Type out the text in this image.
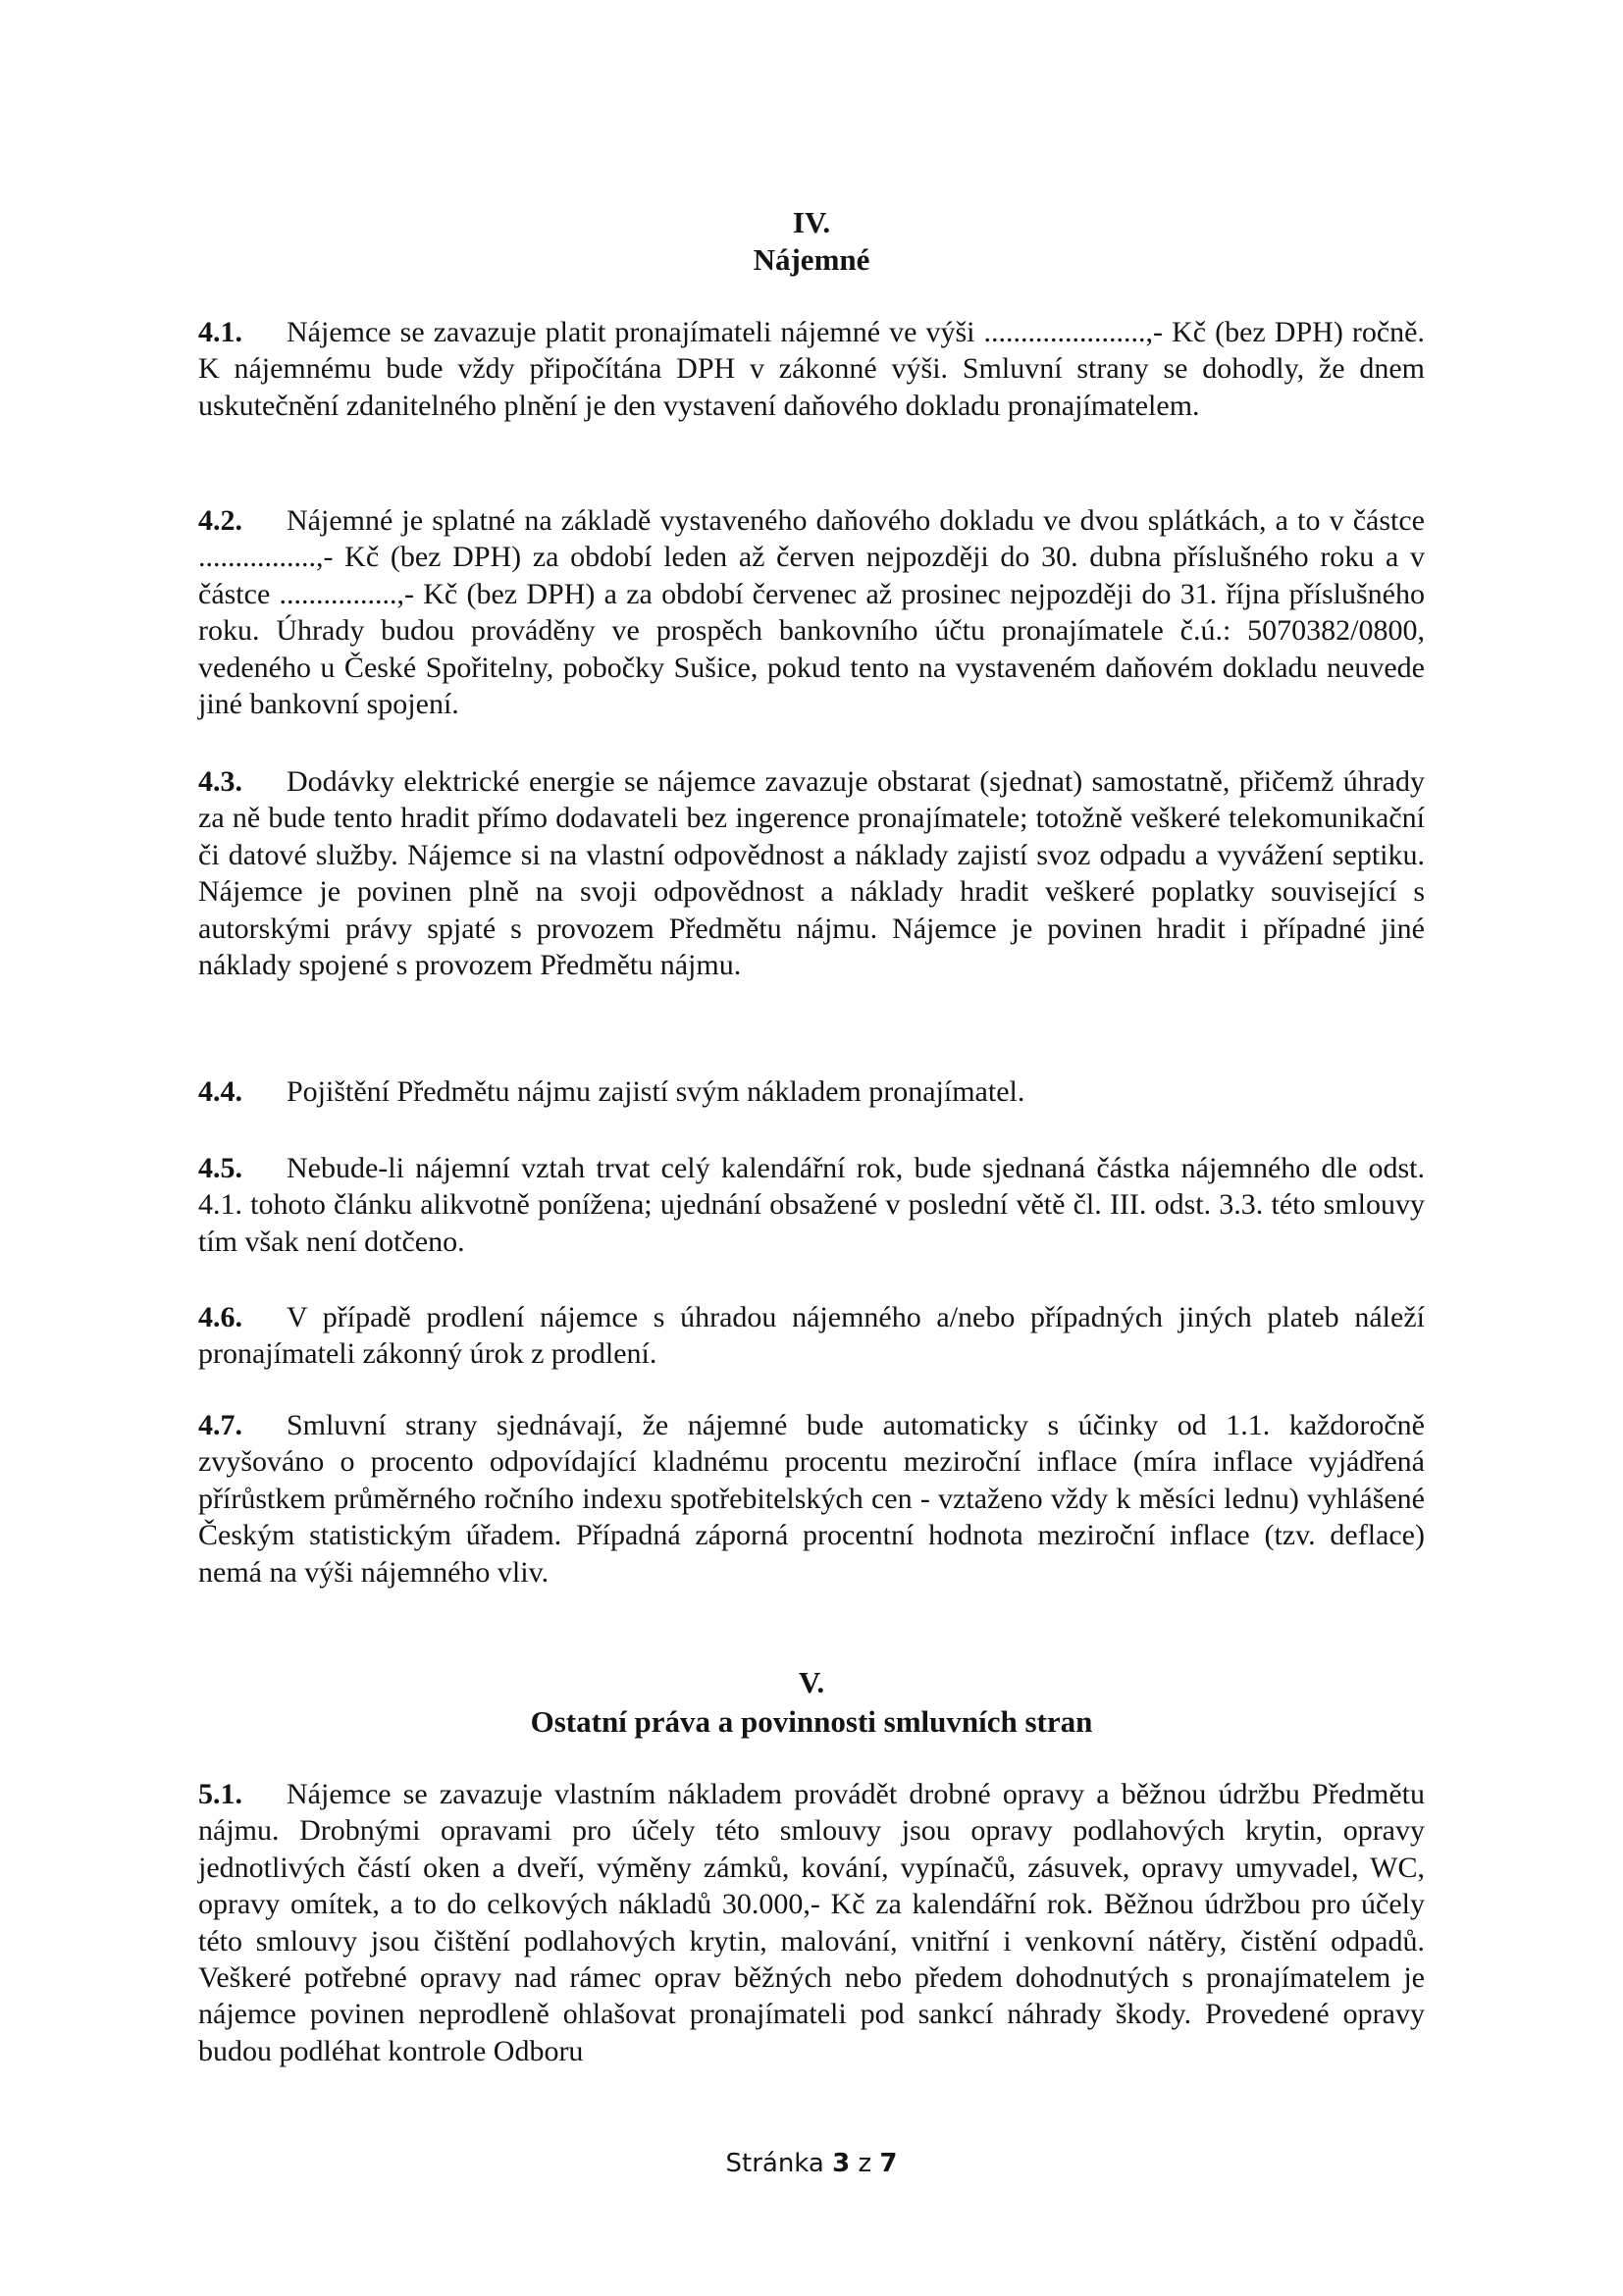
IV.
Nájemné
4.1. Nájemce se zavazuje platit pronajímateli nájemné ve výši ......................,- Kč (bez DPH) ročně. K nájemnému bude vždy připočítána DPH v zákonné výši. Smluvní strany se dohodly, že dnem uskutečnění zdanitelného plnění je den vystavení daňového dokladu pronajímatelem.
4.2. Nájemné je splatné na základě vystaveného daňového dokladu ve dvou splátkách, a to v částce ................,- Kč (bez DPH) za období leden až červen nejpozději do 30. dubna příslušného roku a v částce ................,- Kč (bez DPH) a za období červenec až prosinec nejpozději do 31. října příslušného roku. Úhrady budou prováděny ve prospěch bankovního účtu pronajímatele č.ú.: 5070382/0800, vedeného u České Spořitelny, pobočky Sušice, pokud tento na vystaveném daňovém dokladu neuvede jiné bankovní spojení.
4.3. Dodávky elektrické energie se nájemce zavazuje obstarat (sjednat) samostatně, přičemž úhrady za ně bude tento hradit přímo dodavateli bez ingerence pronajímatele; totožně veškeré telekomunikační či datové služby. Nájemce si na vlastní odpovědnost a náklady zajistí svoz odpadu a vyvážení septiku. Nájemce je povinen plně na svoji odpovědnost a náklady hradit veškeré poplatky související s autorskými právy spjaté s provozem Předmětu nájmu. Nájemce je povinen hradit i případné jiné náklady spojené s provozem Předmětu nájmu.
4.4. Pojištění Předmětu nájmu zajistí svým nákladem pronajímatel.
4.5. Nebude-li nájemní vztah trvat celý kalendářní rok, bude sjednaná částka nájemného dle odst. 4.1. tohoto článku alikvotně ponížena; ujednání obsažené v poslední větě čl. III. odst. 3.3. této smlouvy tím však není dotčeno.
4.6. V případě prodlení nájemce s úhradou nájemného a/nebo případných jiných plateb náleží pronajímateli zákonný úrok z prodlení.
4.7. Smluvní strany sjednávají, že nájemné bude automaticky s účinky od 1.1. každoročně zvyšováno o procento odpovídající kladnému procentu meziroční inflace (míra inflace vyjádřená přírůstkem průměrného ročního indexu spotřebitelských cen - vztaženo vždy k měsíci lednu) vyhlášené Českým statistickým úřadem. Případná záporná procentní hodnota meziroční inflace (tzv. deflace) nemá na výši nájemného vliv.
V.
Ostatní práva a povinnosti smluvních stran
5.1. Nájemce se zavazuje vlastním nákladem provádět drobné opravy a běžnou údržbu Předmětu nájmu. Drobnými opravami pro účely této smlouvy jsou opravy podlahových krytin, opravy jednotlivých částí oken a dveří, výměny zámků, kování, vypínačů, zásuvek, opravy umyvadel, WC, opravy omítek, a to do celkových nákladů 30.000,- Kč za kalendářní rok. Běžnou údržbou pro účely této smlouvy jsou čištění podlahových krytin, malování, vnitřní i venkovní nátěry, čistění odpadů. Veškeré potřebné opravy nad rámec oprav běžných nebo předem dohodnutých s pronajímatelem je nájemce povinen neprodleně ohlašovat pronajímateli pod sankcí náhrady škody. Provedené opravy budou podléhat kontrole Odboru
Stránka 3 z 7
